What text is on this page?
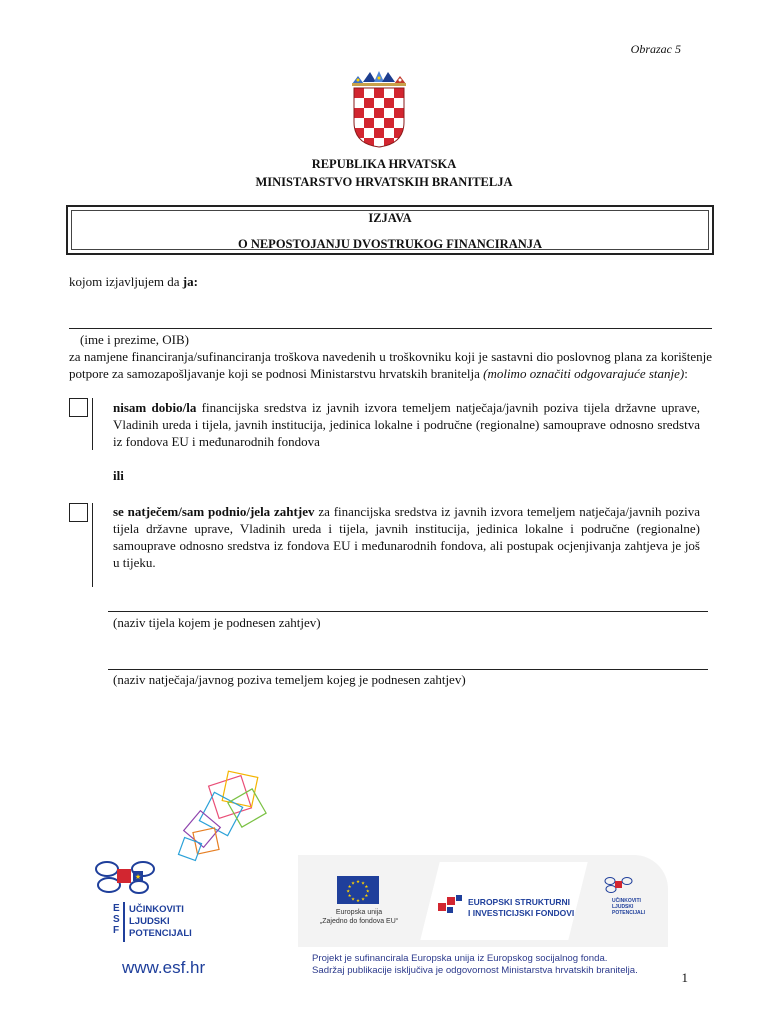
Obrazac 5
REPUBLIKA HRVATSKA
MINISTARSTVO HRVATSKIH BRANITELJA
IZJAVA
O NEPOSTOJANJU DVOSTRUKOG FINANCIRANJA
kojom izjavljujem da ja:
(ime i prezime, OIB)
za namjene financiranja/sufinanciranja troškova navedenih u troškovniku koji je sastavni dio poslovnog plana za korištenje potpore za samozapošljavanje koji se podnosi Ministarstvu hrvatskih branitelja (molimo označiti odgovarajuće stanje):
nisam dobio/la financijska sredstva iz javnih izvora temeljem natječaja/javnih poziva tijela državne uprave, Vladinih ureda i tijela, javnih institucija, jedinica lokalne i područne (regionalne) samouprave odnosno sredstva iz fondova EU i međunarodnih fondova
ili
se natječem/sam podnio/jela zahtjev za financijska sredstva iz javnih izvora temeljem natječaja/javnih poziva tijela državne uprave, Vladinih ureda i tijela, javnih institucija, jedinica lokalne i područne (regionalne) samouprave odnosno sredstva iz fondova EU i međunarodnih fondova, ali postupak ocjenjivanja zahtjeva je još u tijeku.
(naziv tijela kojem je podnesen zahtjev)
(naziv natječaja/javnog poziva temeljem kojeg je podnesen zahtjev)
★
E
S
F
UČINKOVITI
LJUDSKI
POTENCIJALI
www.esf.hr
★ ★
★
★
★
★
★
★
★
★
★
★
Europska unija
„Zajedno do fondova EU“
EUROPSKI STRUKTURNI
I INVESTICIJSKI FONDOVI
UČINKOVITI
LJUDSKI
POTENCIJALI
Projekt je sufinancirala Europska unija iz Europskog socijalnog fonda.
Sadržaj publikacije isključiva je odgovornost Ministarstva hrvatskih branitelja.	1
